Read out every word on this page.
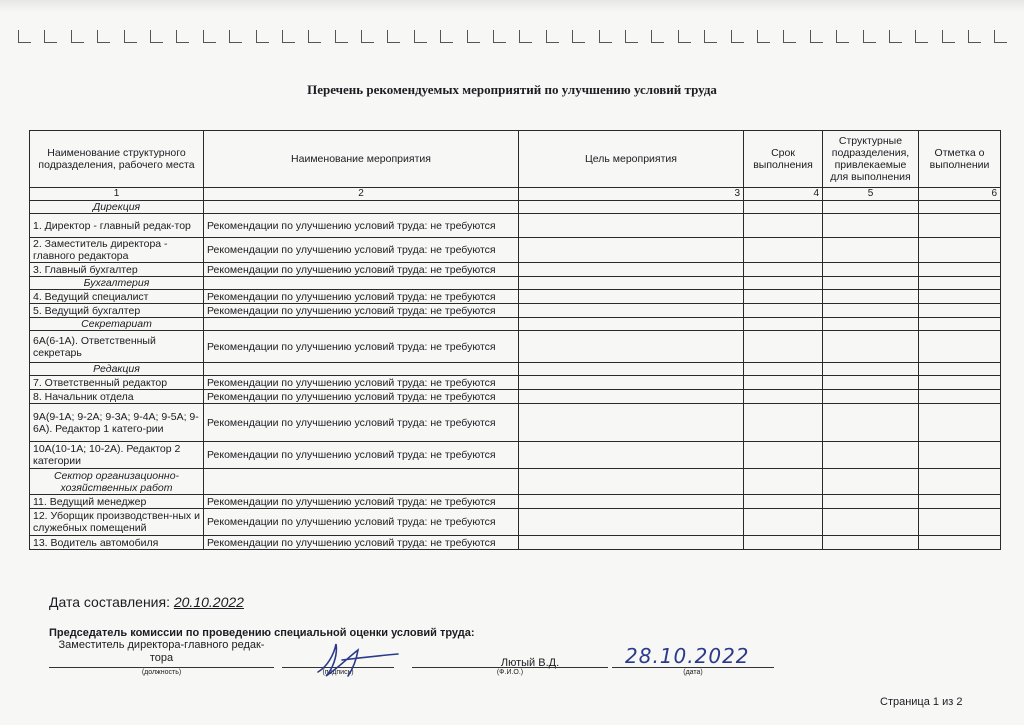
Перечень рекомендуемых мероприятий по улучшению условий труда
Наименование структурного подразделения, рабочего места	Наименование мероприятия	Цель мероприятия	Срок выполнения	Структурные подразделения, привлекаемые для выполнения	Отметка о выполнении
1	2	3	4	5	6
Дирекция					
1. Директор - главный редак-тор	Рекомендации по улучшению условий труда: не требуются				
2. Заместитель директора - главного редактора	Рекомендации по улучшению условий труда: не требуются				
3. Главный бухгалтер	Рекомендации по улучшению условий труда: не требуются				
Бухгалтерия					
4. Ведущий специалист	Рекомендации по улучшению условий труда: не требуются				
5. Ведущий бухгалтер	Рекомендации по улучшению условий труда: не требуются				
Секретариат					
6А(6-1А). Ответственный секретарь	Рекомендации по улучшению условий труда: не требуются				
Редакция					
7. Ответственный редактор	Рекомендации по улучшению условий труда: не требуются				
8. Начальник отдела	Рекомендации по улучшению условий труда: не требуются				
9А(9-1А; 9-2А; 9-3А; 9-4А; 9-5А; 9-6А). Редактор 1 катего-рии	Рекомендации по улучшению условий труда: не требуются				
10А(10-1А; 10-2А). Редактор 2 категории	Рекомендации по улучшению условий труда: не требуются				
Сектор организационно-хозяйственных работ					
11. Ведущий менеджер	Рекомендации по улучшению условий труда: не требуются				
12. Уборщик производствен-ных и служебных помещений	Рекомендации по улучшению условий труда: не требуются				
13. Водитель автомобиля	Рекомендации по улучшению условий труда: не требуются				
Дата составления: 20.10.2022
Председатель комиссии по проведению специальной оценки условий труда:
Заместитель директора-главного редак-тора
(должность)	(подпись)
Лютый В.Д.
(Ф.И.О.)
28.10.2022
(дата)
Страница 1 из 2
